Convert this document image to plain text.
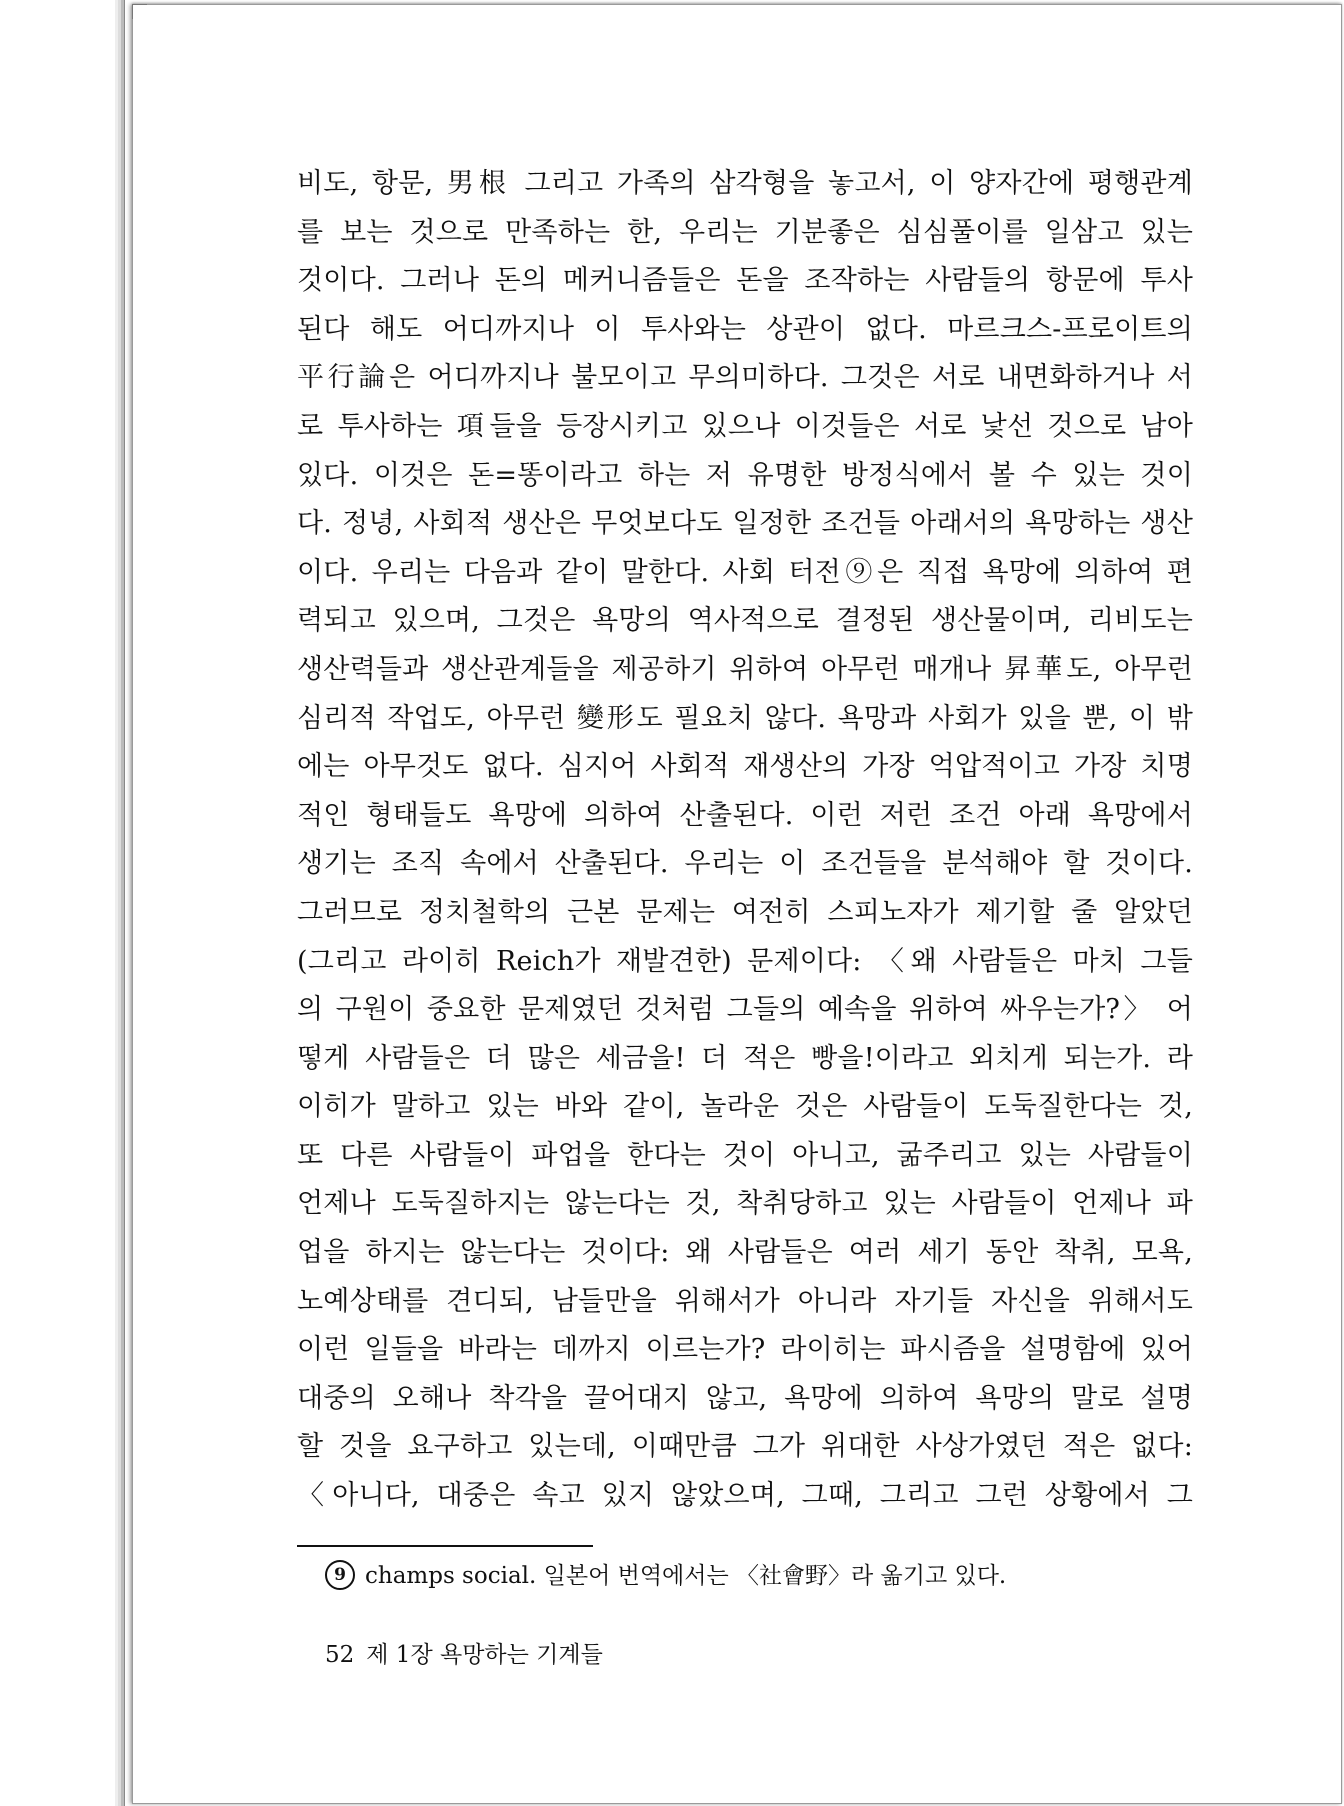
비도, 항문, 男根 그리고 가족의 삼각형을 놓고서, 이 양자간에 평행관계
를 보는 것으로 만족하는 한, 우리는 기분좋은 심심풀이를 일삼고 있는
것이다. 그러나 돈의 메커니즘들은 돈을 조작하는 사람들의 항문에 투사
된다 해도 어디까지나 이 투사와는 상관이 없다. 마르크스-프로이트의
平行論은 어디까지나 불모이고 무의미하다. 그것은 서로 내면화하거나 서
로 투사하는 項들을 등장시키고 있으나 이것들은 서로 낯선 것으로 남아
있다. 이것은 돈=똥이라고 하는 저 유명한 방정식에서 볼 수 있는 것이
다. 정녕, 사회적 생산은 무엇보다도 일정한 조건들 아래서의 욕망하는 생산
이다. 우리는 다음과 같이 말한다. 사회 터전⑨은 직접 욕망에 의하여 편
력되고 있으며, 그것은 욕망의 역사적으로 결정된 생산물이며, 리비도는
생산력들과 생산관계들을 제공하기 위하여 아무런 매개나 昇華도, 아무런
심리적 작업도, 아무런 變形도 필요치 않다. 욕망과 사회가 있을 뿐, 이 밖
에는 아무것도 없다. 심지어 사회적 재생산의 가장 억압적이고 가장 치명
적인 형태들도 욕망에 의하여 산출된다. 이런 저런 조건 아래 욕망에서
생기는 조직 속에서 산출된다. 우리는 이 조건들을 분석해야 할 것이다.
그러므로 정치철학의 근본 문제는 여전히 스피노자가 제기할 줄 알았던
(그리고 라이히 Reich가 재발견한) 문제이다: 〈왜 사람들은 마치 그들
의 구원이 중요한 문제였던 것처럼 그들의 예속을 위하여 싸우는가?〉 어
떻게 사람들은 더 많은 세금을! 더 적은 빵을!이라고 외치게 되는가. 라
이히가 말하고 있는 바와 같이, 놀라운 것은 사람들이 도둑질한다는 것,
또 다른 사람들이 파업을 한다는 것이 아니고, 굶주리고 있는 사람들이
언제나 도둑질하지는 않는다는 것, 착취당하고 있는 사람들이 언제나 파
업을 하지는 않는다는 것이다: 왜 사람들은 여러 세기 동안 착취, 모욕,
노예상태를 견디되, 남들만을 위해서가 아니라 자기들 자신을 위해서도
이런 일들을 바라는 데까지 이르는가? 라이히는 파시즘을 설명함에 있어
대중의 오해나 착각을 끌어대지 않고, 욕망에 의하여 욕망의 말로 설명
할 것을 요구하고 있는데, 이때만큼 그가 위대한 사상가였던 적은 없다:
〈아니다, 대중은 속고 있지 않았으며, 그때, 그리고 그런 상황에서 그
9 champs social. 일본어 번역에서는 〈社會野〉라 옮기고 있다.
52 제 1장 욕망하는 기계들
